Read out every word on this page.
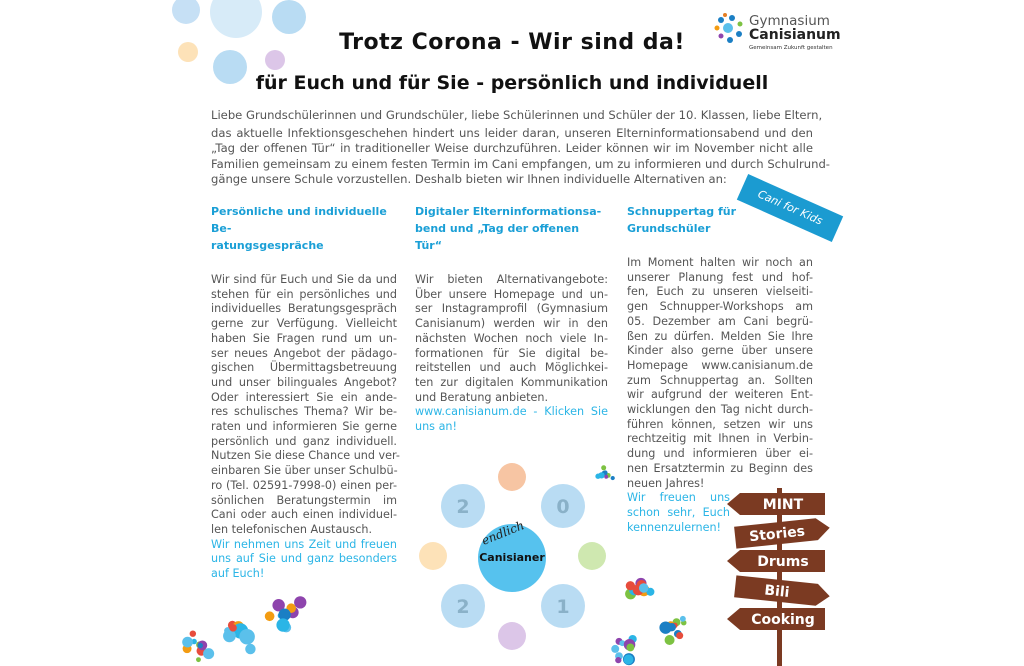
Trotz Corona - Wir sind da!
für Euch und für Sie - persönlich und individuell
Gymnasium
Canisianum
Gemeinsam Zukunft gestalten
Liebe Grundschülerinnen und Grundschüler, liebe Schülerinnen und Schüler der 10. Klassen, liebe Eltern,
das aktuelle Infektionsgeschehen hindert uns leider daran, unseren Elterninformationsabend und den
„Tag der offenen Tür“ in traditioneller Weise durchzuführen. Leider können wir im November nicht alle
Familien gemeinsam zu einem festen Termin im Cani empfangen, um zu informieren und durch Schulrund-
gänge unsere Schule vorzustellen. Deshalb bieten wir Ihnen individuelle Alternativen an:
Cani for Kids
Persönliche und individuelle Be-
ratungsgespräche
Wir sind für Euch und Sie da und
stehen für ein persönliches und
individuelles Beratungsgespräch
gerne zur Verfügung. Vielleicht
haben Sie Fragen rund um un-
ser neues Angebot der pädago-
gischen Übermittagsbetreuung
und unser bilinguales Angebot?
Oder interessiert Sie ein ande-
res schulisches Thema? Wir be-
raten und informieren Sie gerne
persönlich und ganz individuell.
Nutzen Sie diese Chance und ver-
einbaren Sie über unser Schulbü-
ro (Tel. 02591-7998-0) einen per-
sönlichen Beratungstermin im
Cani oder auch einen individuel-
len telefonischen Austausch.
Wir nehmen uns Zeit und freuen
uns auf Sie und ganz besonders
auf Euch!
Digitaler Elterninformationsa-
bend und „Tag der offenen Tür“
Wir bieten Alternativangebote:
Über unsere Homepage und un-
ser Instagramprofil (Gymnasium
Canisianum) werden wir in den
nächsten Wochen noch viele In-
formationen für Sie digital be-
reitstellen und auch Möglichkei-
ten zur digitalen Kommunikation
und Beratung anbieten.
www.canisianum.de - Klicken Sie
uns an!
Schnuppertag für
Grundschüler
Im Moment halten wir noch an
unserer Planung fest und hof-
fen, Euch zu unseren vielseiti-
gen Schnupper-Workshops am
05. Dezember am Cani begrü-
ßen zu dürfen. Melden Sie Ihre
Kinder also gerne über unsere
Homepage www.canisianum.de
zum Schnuppertag an. Sollten
wir aufgrund der weiteren Ent-
wicklungen den Tag nicht durch-
führen können, setzen wir uns
rechtzeitig mit Ihnen in Verbin-
dung und informieren über ei-
nen Ersatztermin zu Beginn des
neuen Jahres!
Wir freuen uns
schon sehr, Euch
kennenzulernen!
2	0
2	1
Canisianer
endlich
MINT
Stories
Drums
Bili
Cooking
